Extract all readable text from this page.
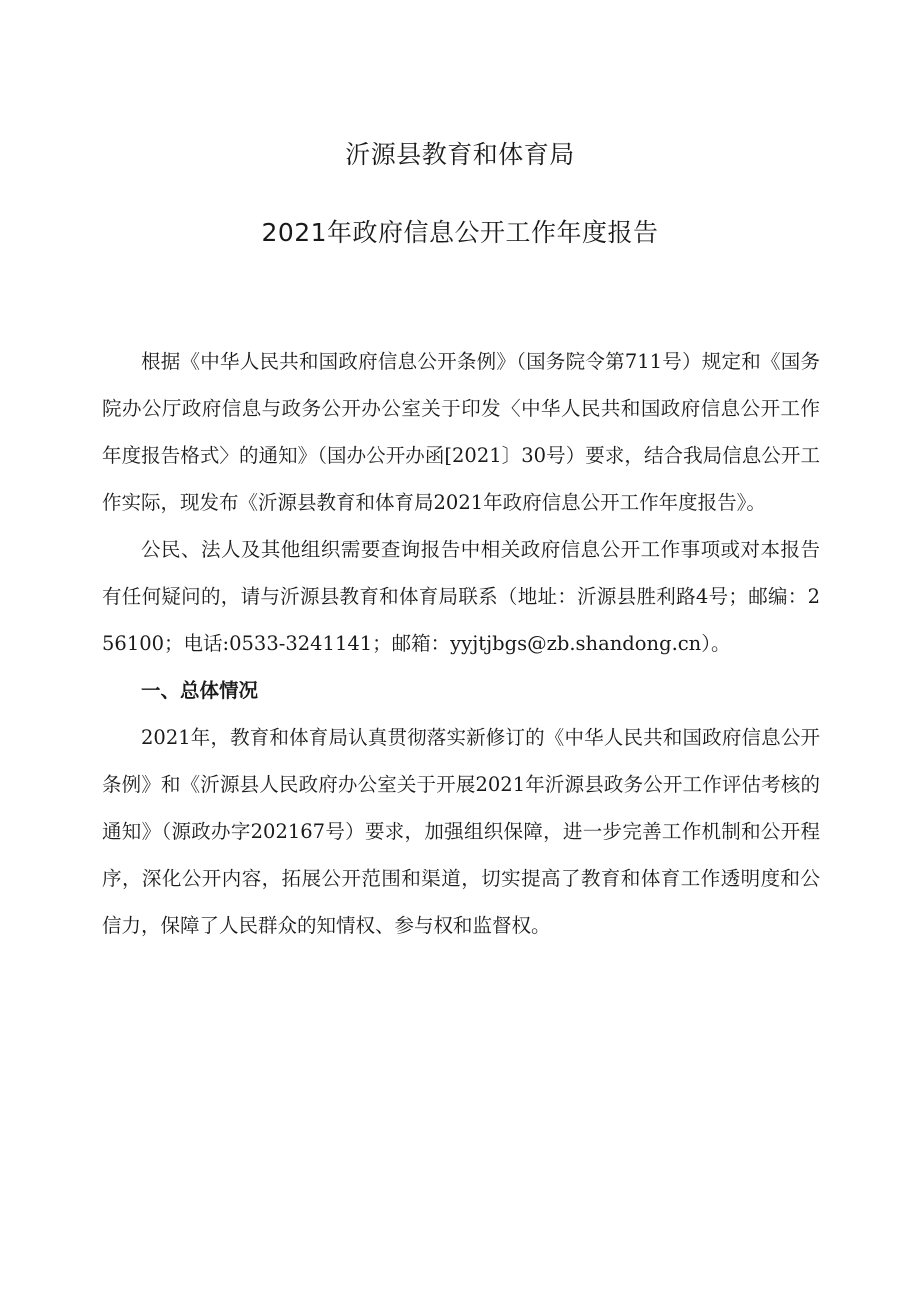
沂源县教育和体育局
2021年政府信息公开工作年度报告

根据《中华人民共和国政府信息公开条例》（国务院令第711号）规定和《国务院办公厅政府信息与政务公开办公室关于印发〈中华人民共和国政府信息公开工作年度报告格式〉的通知》（国办公开办函[2021〕30号）要求，结合我局信息公开工作实际，现发布《沂源县教育和体育局2021年政府信息公开工作年度报告》。

公民、法人及其他组织需要查询报告中相关政府信息公开工作事项或对本报告有任何疑问的，请与沂源县教育和体育局联系（地址：沂源县胜利路4号；邮编：256100；电话:0533-3241141；邮箱：yyjtjbgs@zb.shandong.cn）。

一、总体情况

2021年，教育和体育局认真贯彻落实新修订的《中华人民共和国政府信息公开条例》和《沂源县人民政府办公室关于开展2021年沂源县政务公开工作评估考核的通知》（源政办字202167号）要求，加强组织保障，进一步完善工作机制和公开程序，深化公开内容，拓展公开范围和渠道，切实提高了教育和体育工作透明度和公信力，保障了人民群众的知情权、参与权和监督权。
